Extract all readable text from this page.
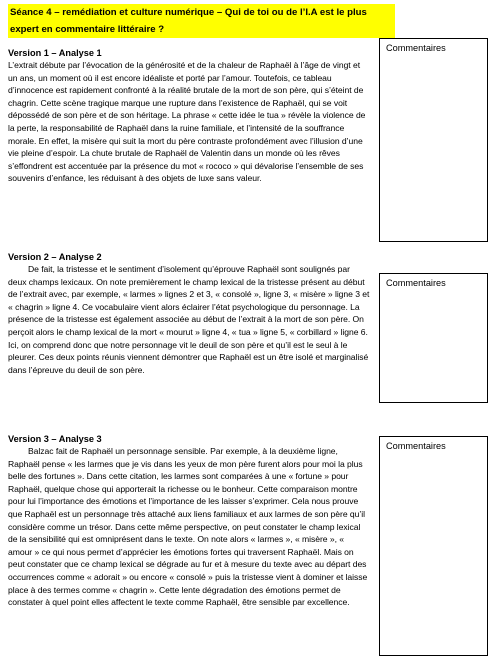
Séance 4 – remédiation et culture numérique – Qui de toi ou de l’I.A est le plus expert en commentaire littéraire ?

Version 1 – Analyse 1

L’extrait débute par l’évocation de la générosité et de la chaleur de Raphaël à l’âge de vingt et un ans, un moment où il est encore idéaliste et porté par l’amour. Toutefois, ce tableau d’innocence est rapidement confronté à la réalité brutale de la mort de son père, qui s’éteint de chagrin. Cette scène tragique marque une rupture dans l’existence de Raphaël, qui se voit dépossédé de son père et de son héritage. La phrase « cette idée le tua » révèle la violence de la perte, la responsabilité de Raphaël dans la ruine familiale, et l’intensité de la souffrance morale. En effet, la misère qui suit la mort du père contraste profondément avec l’illusion d’une vie pleine d’espoir. La chute brutale de Raphaël de Valentin dans un monde où les rêves s’effondrent est accentuée par la présence du mot « rococo » qui dévalorise l’ensemble de ses souvenirs d’enfance, les réduisant à des objets de luxe sans valeur.

Commentaires

Version 2 – Analyse 2

De fait, la tristesse et le sentiment d’isolement qu’éprouve Raphaël sont soulignés par deux champs lexicaux. On note premièrement le champ lexical de la tristesse présent au début de l’extrait avec, par exemple, « larmes » lignes 2 et 3, « consolé », ligne 3, « misère » ligne 3 et « chagrin » ligne 4. Ce vocabulaire vient alors éclairer l’état psychologique du personnage. La présence de la tristesse est également associée au début de l’extrait à la mort de son père. On perçoit alors le champ lexical de la mort « mourut » ligne 4, « tua » ligne 5, « corbillard » ligne 6. Ici, on comprend donc que notre personnage vit le deuil de son père et qu’il est le seul à le pleurer. Ces deux points réunis viennent démontrer que Raphaël est un être isolé et marginalisé dans l’épreuve du deuil de son père.

Commentaires

Version 3 – Analyse 3

Balzac fait de Raphaël un personnage sensible. Par exemple, à la deuxième ligne, Raphaël pense « les larmes que je vis dans les yeux de mon père furent alors pour moi la plus belle des fortunes ». Dans cette citation, les larmes sont comparées à une « fortune » pour Raphaël, quelque chose qui apporterait la richesse ou le bonheur. Cette comparaison montre pour lui l’importance des émotions et l’importance de les laisser s’exprimer. Cela nous prouve que Raphaël est un personnage très attaché aux liens familiaux et aux larmes de son père qu’il considère comme un trésor. Dans cette même perspective, on peut constater le champ lexical de la sensibilité qui est omniprésent dans le texte. On note alors « larmes », « misère », « amour » ce qui nous permet d’apprécier les émotions fortes qui traversent Raphaël. Mais on peut constater que ce champ lexical se dégrade au fur et à mesure du texte avec au départ des occurrences comme « adorait » ou encore « consolé » puis la tristesse vient à dominer et laisse place à des termes comme « chagrin ». Cette lente dégradation des émotions permet de constater à quel point elles affectent le texte comme Raphaël, être sensible par excellence.

Commentaires
